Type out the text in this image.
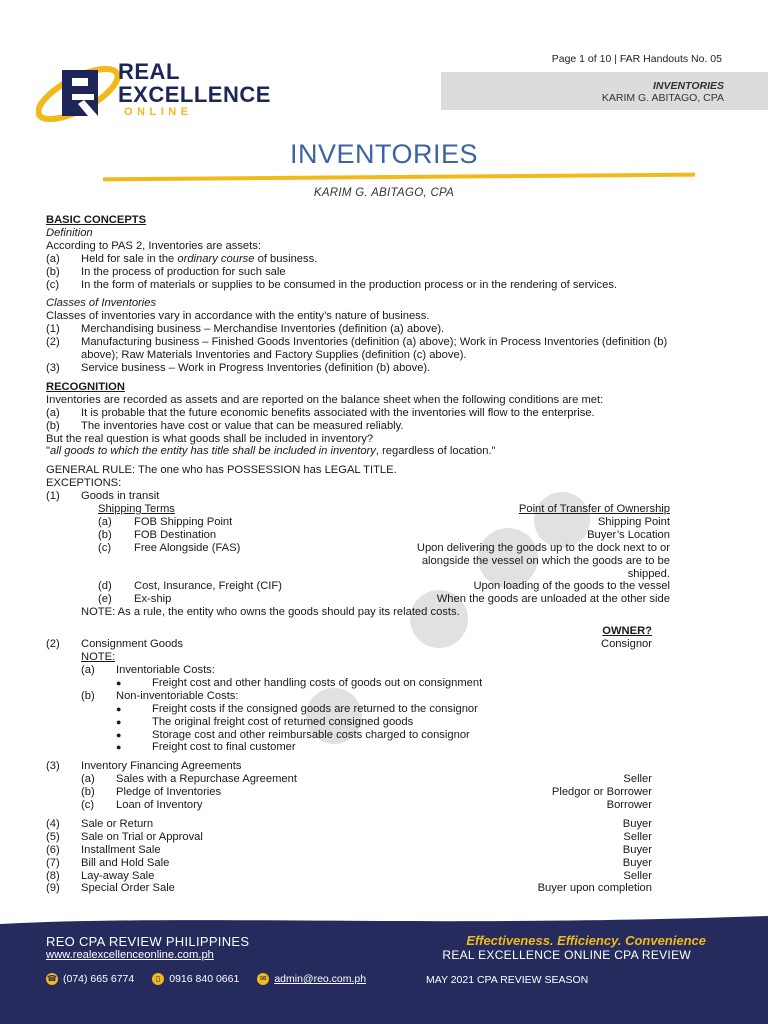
Page 1 of 10 | FAR Handouts No. 05
INVENTORIES
KARIM G. ABITAGO, CPA
REAL
EXCELLENCE
ONLINE
INVENTORIES
KARIM G. ABITAGO, CPA
BASIC CONCEPTS
Definition
According to PAS 2, Inventories are assets:
(a)	Held for sale in the ordinary course of business.
(b)	In the process of production for such sale
(c)	In the form of materials or supplies to be consumed in the production process or in the rendering of services.
Classes of Inventories
Classes of inventories vary in accordance with the entity’s nature of business.
(1)	Merchandising business – Merchandise Inventories (definition (a) above).
(2)	Manufacturing business – Finished Goods Inventories (definition (a) above); Work in Process Inventories (definition (b) above); Raw Materials Inventories and Factory Supplies (definition (c) above).
(3)	Service business – Work in Progress Inventories (definition (b) above).
RECOGNITION
Inventories are recorded as assets and are reported on the balance sheet when the following conditions are met:
(a)	It is probable that the future economic benefits associated with the inventories will flow to the enterprise.
(b)	The inventories have cost or value that can be measured reliably.
But the real question is what goods shall be included in inventory?
"all goods to which the entity has title shall be included in inventory, regardless of location."
GENERAL RULE: The one who has POSSESSION has LEGAL TITLE.
EXCEPTIONS:
(1)	Goods in transit
Shipping Terms	Point of Transfer of Ownership
(a)	FOB Shipping Point	Shipping Point
(b)	FOB Destination	Buyer’s Location
(c)	Free Alongside (FAS)	Upon delivering the goods up to the dock next to or alongside the vessel on which the goods are to be shipped.
(d)	Cost, Insurance, Freight (CIF)	Upon loading of the goods to the vessel
(e)	Ex-ship	When the goods are unloaded at the other side
NOTE: As a rule, the entity who owns the goods should pay its related costs.
OWNER?
(2)	Consignment Goods	Consignor
NOTE:
(a)	Inventoriable Costs:
●	Freight cost and other handling costs of goods out on consignment
(b)	Non-inventoriable Costs:
●	Freight costs if the consigned goods are returned to the consignor
●	The original freight cost of returned consigned goods
●	Storage cost and other reimbursable costs charged to consignor
●	Freight cost to final customer
(3)	Inventory Financing Agreements
(a)	Sales with a Repurchase Agreement	Seller
(b)	Pledge of Inventories	Pledgor or Borrower
(c)	Loan of Inventory	Borrower
(4)	Sale or Return	Buyer
(5)	Sale on Trial or Approval	Seller
(6)	Installment Sale	Buyer
(7)	Bill and Hold Sale	Buyer
(8)	Lay-away Sale	Seller
(9)	Special Order Sale	Buyer upon completion
REO CPA REVIEW PHILIPPINES
www.realexcellenceonline.com.ph
Effectiveness. Efficiency. Convenience
REAL EXCELLENCE ONLINE CPA REVIEW
☎ (074) 665 6774	▯ 0916 840 0661	✉ admin@reo.com.ph	MAY 2021 CPA REVIEW SEASON
